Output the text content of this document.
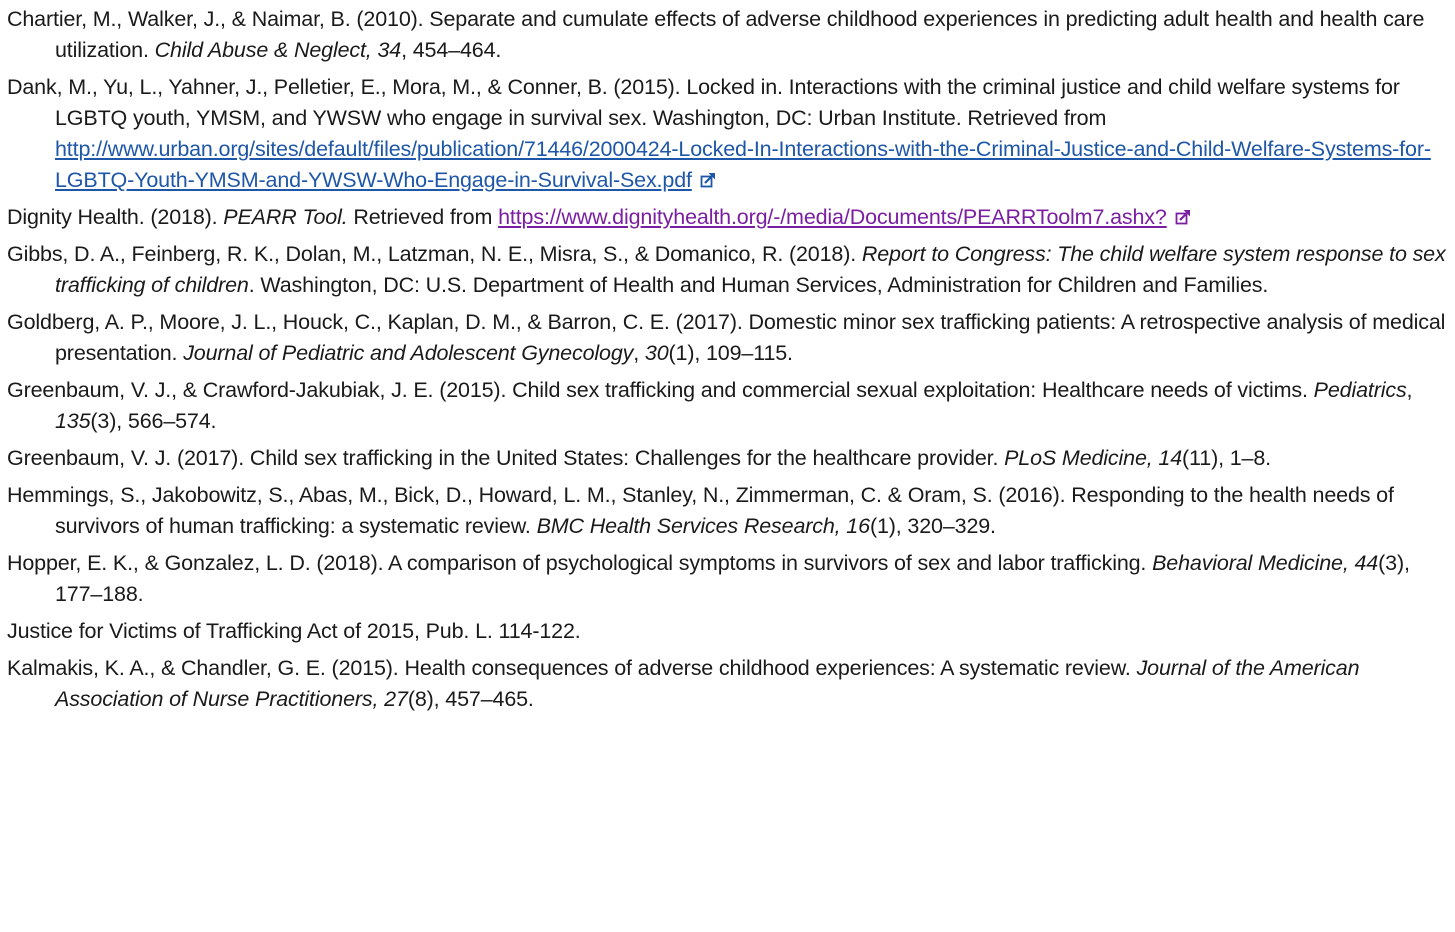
Chartier, M., Walker, J., & Naimar, B. (2010). Separate and cumulate effects of adverse childhood experiences in predicting adult health and health care utilization. Child Abuse & Neglect, 34, 454–464.
Dank, M., Yu, L., Yahner, J., Pelletier, E., Mora, M., & Conner, B. (2015). Locked in. Interactions with the criminal justice and child welfare systems for LGBTQ youth, YMSM, and YWSW who engage in survival sex. Washington, DC: Urban Institute. Retrieved from http://www.urban.org/sites/default/files/publication/71446/2000424-Locked-In-Interactions-with-the-Criminal-Justice-and-Child-Welfare-Systems-for-LGBTQ-Youth-YMSM-and-YWSW-Who-Engage-in-Survival-Sex.pdf
Dignity Health. (2018). PEARR Tool. Retrieved from https://www.dignityhealth.org/-/media/Documents/PEARRToolm7.ashx?
Gibbs, D. A., Feinberg, R. K., Dolan, M., Latzman, N. E., Misra, S., & Domanico, R. (2018). Report to Congress: The child welfare system response to sex trafficking of children. Washington, DC: U.S. Department of Health and Human Services, Administration for Children and Families.
Goldberg, A. P., Moore, J. L., Houck, C., Kaplan, D. M., & Barron, C. E. (2017). Domestic minor sex trafficking patients: A retrospective analysis of medical presentation. Journal of Pediatric and Adolescent Gynecology, 30(1), 109–115.
Greenbaum, V. J., & Crawford-Jakubiak, J. E. (2015). Child sex trafficking and commercial sexual exploitation: Healthcare needs of victims. Pediatrics, 135(3), 566–574.
Greenbaum, V. J. (2017). Child sex trafficking in the United States: Challenges for the healthcare provider. PLoS Medicine, 14(11), 1–8.
Hemmings, S., Jakobowitz, S., Abas, M., Bick, D., Howard, L. M., Stanley, N., Zimmerman, C. & Oram, S. (2016). Responding to the health needs of survivors of human trafficking: a systematic review. BMC Health Services Research, 16(1), 320–329.
Hopper, E. K., & Gonzalez, L. D. (2018). A comparison of psychological symptoms in survivors of sex and labor trafficking. Behavioral Medicine, 44(3), 177–188.
Justice for Victims of Trafficking Act of 2015, Pub. L. 114-122.
Kalmakis, K. A., & Chandler, G. E. (2015). Health consequences of adverse childhood experiences: A systematic review. Journal of the American Association of Nurse Practitioners, 27(8), 457–465.
